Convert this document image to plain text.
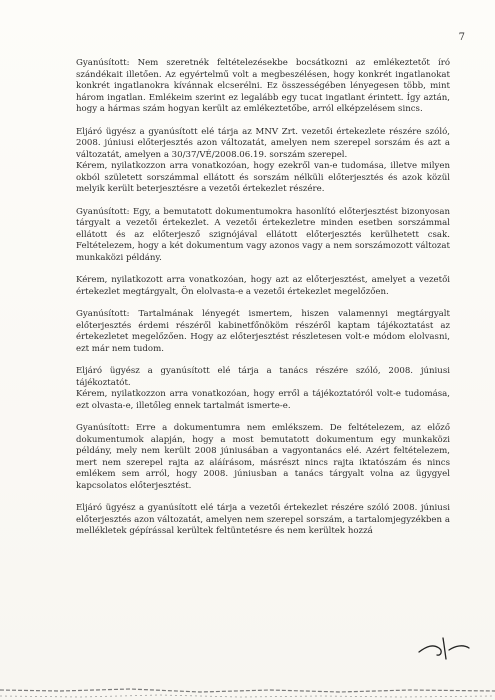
7

Gyanúsított: Nem szeretnék feltételezésekbe bocsátkozni az emlékeztetőt író szándékait illetően. Az egyértelmű volt a megbeszélésen, hogy konkrét ingatlanokat konkrét ingatlanokra kívánnak elcserélni. Ez összességében lényegesen több, mint három ingatlan. Emlékeim szerint ez legalább egy tucat ingatlant érintett. Így aztán, hogy a hármas szám hogyan került az emlékeztetőbe, arról elképzelésem sincs.

Eljáró ügyész a gyanúsított elé tárja az MNV Zrt. vezetői értekezlete részére szóló, 2008. júniusi előterjesztés azon változatát, amelyen nem szerepel sorszám és azt a változatát, amelyen a 30/37/VÉ/2008.06.19. sorszám szerepel.
Kérem, nyilatkozzon arra vonatkozóan, hogy ezekről van-e tudomása, illetve milyen okból született sorszámmal ellátott és sorszám nélküli előterjesztés és azok közül melyik került beterjesztésre a vezetői értekezlet részére.

Gyanúsított: Egy, a bemutatott dokumentumokra hasonlító előterjesztést bizonyosan tárgyalt a vezetői értekezlet. A vezetői értekezletre minden esetben sorszámmal ellátott és az előterjesző szignójával ellátott előterjesztés kerülhetett csak. Feltételezem, hogy a két dokumentum vagy azonos vagy a nem sorszámozott változat munkaközi példány.

Kérem, nyilatkozott arra vonatkozóan, hogy azt az előterjesztést, amelyet a vezetői értekezlet megtárgyalt, Ön elolvasta-e a vezetői értekezlet megelőzően.

Gyanúsított: Tartalmának lényegét ismertem, hiszen valamennyi megtárgyalt előterjesztés érdemi részéről kabinetfőnököm részéről kaptam tájékoztatást az értekezletet megelőzően. Hogy az előterjesztést részletesen volt-e módom elolvasni, ezt már nem tudom.

Eljáró ügyész a gyanúsított elé tárja a tanács részére szóló, 2008. júniusi tájékoztatót.
Kérem, nyilatkozzon arra vonatkozóan, hogy erről a tájékoztatóról volt-e tudomása, ezt olvasta-e, illetőleg ennek tartalmát ismerte-e.

Gyanúsított: Erre a dokumentumra nem emlékszem. De feltételezem, az előző dokumentumok alapján, hogy a most bemutatott dokumentum egy munkaközi példány, mely nem került 2008 júniusában a vagyontanács elé. Azért feltételezem, mert nem szerepel rajta az aláírásom, másrészt nincs rajta iktatószám és nincs emlékem sem arról, hogy 2008. júniusban a tanács tárgyalt volna az ügygyel kapcsolatos előterjesztést.

Eljáró ügyész a gyanúsított elé tárja a vezetői értekezlet részére szóló 2008. júniusi előterjesztés azon változatát, amelyen nem szerepel sorszám, a tartalomjegyzékben a mellékletek gépírással kerültek feltüntetésre és nem kerültek hozzá
